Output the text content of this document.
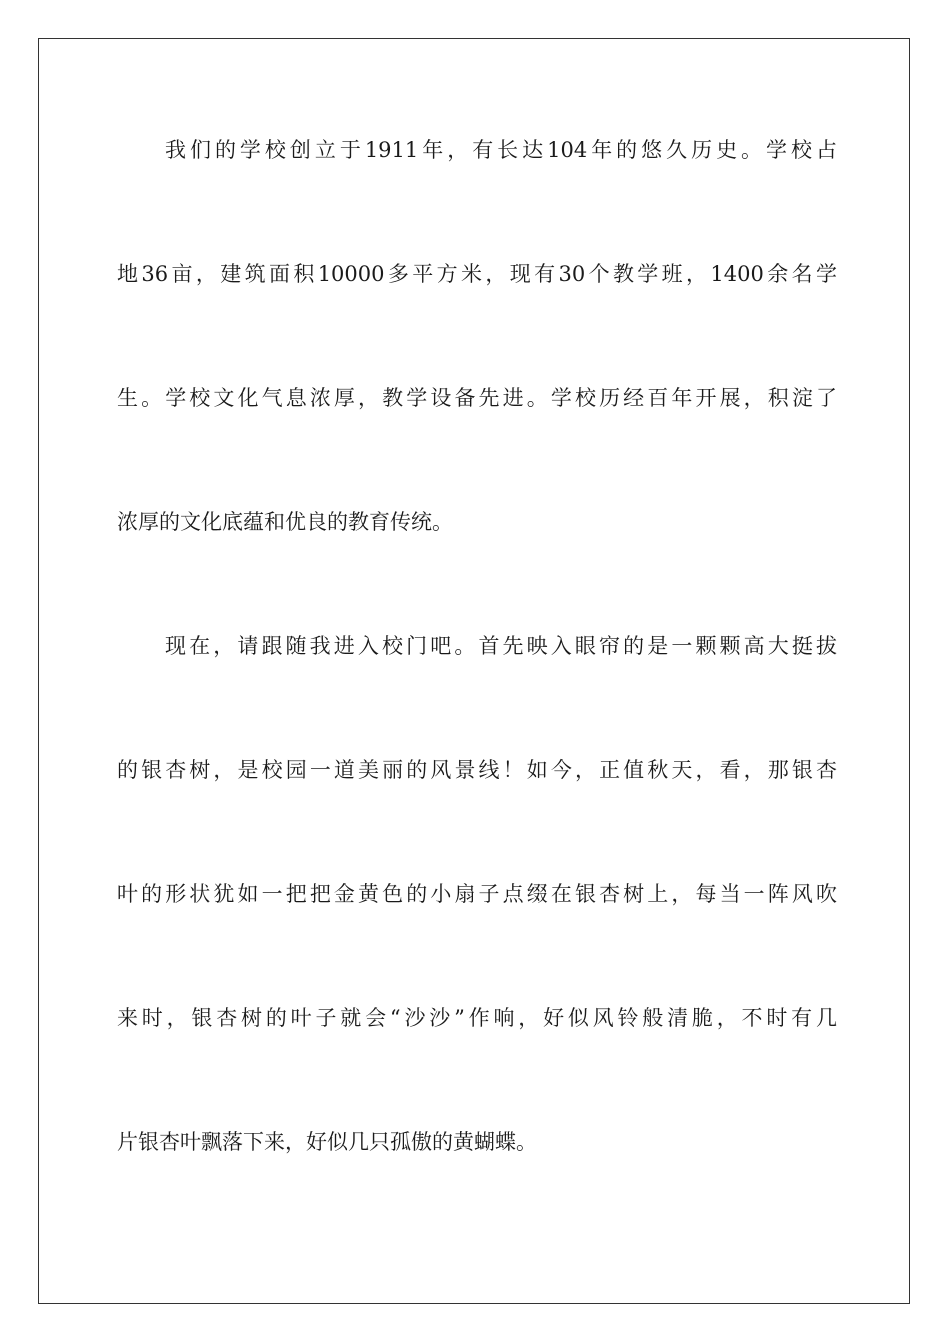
我们的学校创立于1911年，有长达104年的悠久历史。学校占
地36亩，建筑面积10000多平方米，现有30个教学班，1400余名学
生。学校文化气息浓厚，教学设备先进。学校历经百年开展，积淀了
浓厚的文化底蕴和优良的教育传统。
现在，请跟随我进入校门吧。首先映入眼帘的是一颗颗高大挺拔
的银杏树，是校园一道美丽的风景线！如今，正值秋天，看，那银杏
叶的形状犹如一把把金黄色的小扇子点缀在银杏树上，每当一阵风吹
来时，银杏树的叶子就会“沙沙”作响，好似风铃般清脆，不时有几
片银杏叶飘落下来，好似几只孤傲的黄蝴蝶。
